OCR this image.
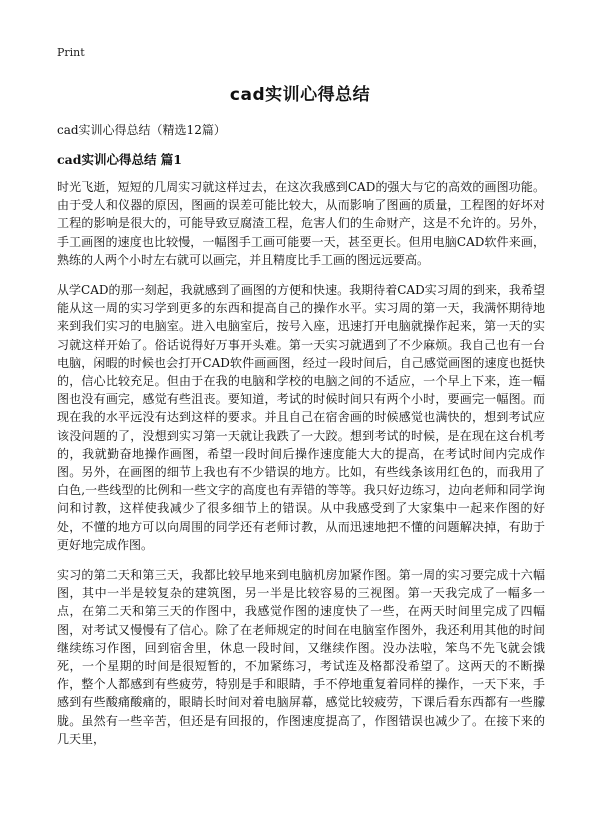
Print
cad实训心得总结
cad实训心得总结（精选12篇）
cad实训心得总结 篇1

时光飞逝，短短的几周实习就这样过去，在这次我感到CAD的强大与它的高效的画图功能。由于受人和仪器的原因，图画的误差可能比较大，从而影响了图画的质量，工程图的好坏对工程的影响是很大的，可能导致豆腐渣工程，危害人们的生命财产，这是不允许的。另外，手工画图的速度也比较慢，一幅图手工画可能要一天，甚至更长。但用电脑CAD软件来画，熟练的人两个小时左右就可以画完，并且精度比手工画的图远远要高。

从学CAD的那一刻起，我就感到了画图的方便和快速。我期待着CAD实习周的到来，我希望能从这一周的实习学到更多的东西和提高自己的操作水平。实习周的第一天，我满怀期待地来到我们实习的电脑室。进入电脑室后，按号入座，迅速打开电脑就操作起来，第一天的实习就这样开始了。俗话说得好万事开头难。第一天实习就遇到了不少麻烦。我自己也有一台电脑，闲暇的时候也会打开CAD软件画画图，经过一段时间后，自己感觉画图的速度也挺快的，信心比较充足。但由于在我的电脑和学校的电脑之间的不适应，一个早上下来，连一幅图也没有画完，感觉有些沮丧。要知道，考试的时候时间只有两个小时，要画完一幅图。而现在我的水平远没有达到这样的要求。并且自己在宿舍画的时候感觉也满快的，想到考试应该没问题的了，没想到实习第一天就让我跌了一大跤。想到考试的时候，是在现在这台机考的，我就勤奋地操作画图，希望一段时间后操作速度能大大的提高，在考试时间内完成作图。另外，在画图的细节上我也有不少错误的地方。比如，有些线条该用红色的，而我用了白色,一些线型的比例和一些文字的高度也有弄错的等等。我只好边练习，边向老师和同学询问和讨教，这样使我减少了很多细节上的错误。从中我感受到了大家集中一起来作图的好处，不懂的地方可以向周围的同学还有老师讨教，从而迅速地把不懂的问题解决掉，有助于更好地完成作图。

实习的第二天和第三天，我都比较早地来到电脑机房加紧作图。第一周的实习要完成十六幅图，其中一半是较复杂的建筑图，另一半是比较容易的三视图。第一天我完成了一幅多一点，在第二天和第三天的作图中，我感觉作图的速度快了一些，在两天时间里完成了四幅图，对考试又慢慢有了信心。除了在老师规定的时间在电脑室作图外，我还利用其他的时间继续练习作图，回到宿舍里，休息一段时间，又继续作图。没办法啦，笨鸟不先飞就会饿死，一个星期的时间是很短暂的，不加紧练习，考试连及格都没希望了。这两天的不断操作，整个人都感到有些疲劳，特别是手和眼睛，手不停地重复着同样的操作，一天下来，手感到有些酸痛酸痛的，眼睛长时间对着电脑屏幕，感觉比较疲劳，下课后看东西都有一些朦胧。虽然有一些辛苦，但还是有回报的，作图速度提高了，作图错误也减少了。在接下来的几天里，
